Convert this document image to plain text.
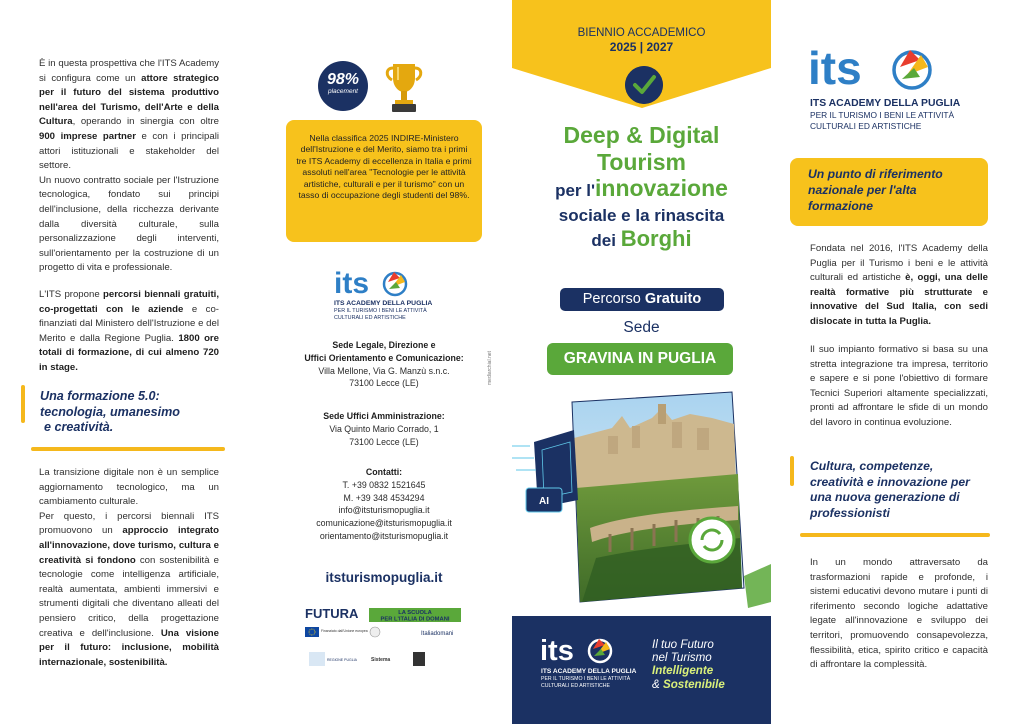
È in questa prospettiva che l'ITS Academy si configura come un attore strategico per il futuro del sistema produttivo nell'area del Turismo, dell'Arte e della Cultura, operando in sinergia con oltre 900 imprese partner e con i principali attori istituzionali e stakeholder del settore.
Un nuovo contratto sociale per l'Istruzione tecnologica, fondato sui principi dell'inclusione, della ricchezza derivante dalla diversità culturale, sulla personalizzazione degli interventi, sull'orientamento per la costruzione di un progetto di vita e professionale.

L'ITS propone percorsi biennali gratuiti, co-progettati con le aziende e co-finanziati dal Ministero dell'Istruzione e del Merito e dalla Regione Puglia. 1800 ore totali di formazione, di cui almeno 720 in stage.

Una formazione 5.0:
tecnologia, umanesimo
e creatività.

La transizione digitale non è un semplice aggiornamento tecnologico, ma un cambiamento culturale.
Per questo, i percorsi biennali ITS promuovono un approccio integrato all'innovazione, dove turismo, cultura e creatività si fondono con sostenibilità e tecnologie come intelligenza artificiale, realtà aumentata, ambienti immersivi e strumenti digitali che diventano alleati del pensiero critico, della progettazione creativa e dell'inclusione. Una visione per il futuro: inclusione, mobilità internazionale, sostenibilità.

98%
placement
Nella classifica 2025 INDIRE-Ministero dell'Istruzione e del Merito, siamo tra i primi tre ITS Academy di eccellenza in Italia e primi assoluti nell'area "Tecnologie per le attività artistiche, culturali e per il turismo" con un tasso di occupazione degli studenti del 98%.
its
ITS ACADEMY DELLA PUGLIA
PER IL TURISMO I BENI LE ATTIVITÀ
CULTURALI ED ARTISTICHE
Sede Legale, Direzione e
Uffici Orientamento e Comunicazione:
Villa Mellone, Via G. Manzù s.n.c.
73100 Lecce (LE)
Sede Uffici Amministrazione:
Via Quinto Mario Corrado, 1
73100 Lecce (LE)
Contatti:
T. +39 0832 1521645
M. +39 348 4534294
info@itsturismopuglia.it
comunicazione@itsturismopuglia.it
orientamento@itsturismopuglia.it
itsturismopuglia.it
mediarchial.net
FUTURA	LA SCUOLA
PER L'ITALIA DI DOMANI
Finanziato dall'Unione europea	Italiadomani
REGIONE PUGLIA	Sistema
BIENNIO ACCADEMICO
2025 | 2027
Deep & Digital
Tourism
per l'innovazione
sociale e la rinascita
dei Borghi
Percorso Gratuito
Sede
GRAVINA IN PUGLIA
AI
its
ITS ACADEMY DELLA PUGLIA
PER IL TURISMO I BENI LE ATTIVITÀ
CULTURALI ED ARTISTICHE
Il tuo Futuro
nel Turismo
Intelligente
& Sostenibile
its
ITS ACADEMY DELLA PUGLIA
PER IL TURISMO I BENI LE ATTIVITÀ
CULTURALI ED ARTISTICHE
Un punto di riferimento
nazionale per l'alta
formazione

Fondata nel 2016, l'ITS Academy della Puglia per il Turismo i beni e le attività culturali ed artistiche è, oggi, una delle realtà formative più strutturate e innovative del Sud Italia, con sedi dislocate in tutta la Puglia.

Il suo impianto formativo si basa su una stretta integrazione tra impresa, territorio e sapere e si pone l'obiettivo di formare Tecnici Superiori altamente specializzati, pronti ad affrontare le sfide di un mondo del lavoro in continua evoluzione.

Cultura, competenze,
creatività e innovazione per
una nuova generazione di
professionisti

In un mondo attraversato da trasformazioni rapide e profonde, i sistemi educativi devono mutare i punti di riferimento secondo logiche adattative legate all'innovazione e sviluppo dei territori, promuovendo consapevolezza, flessibilità, etica, spirito critico e capacità di affrontare la complessità.
